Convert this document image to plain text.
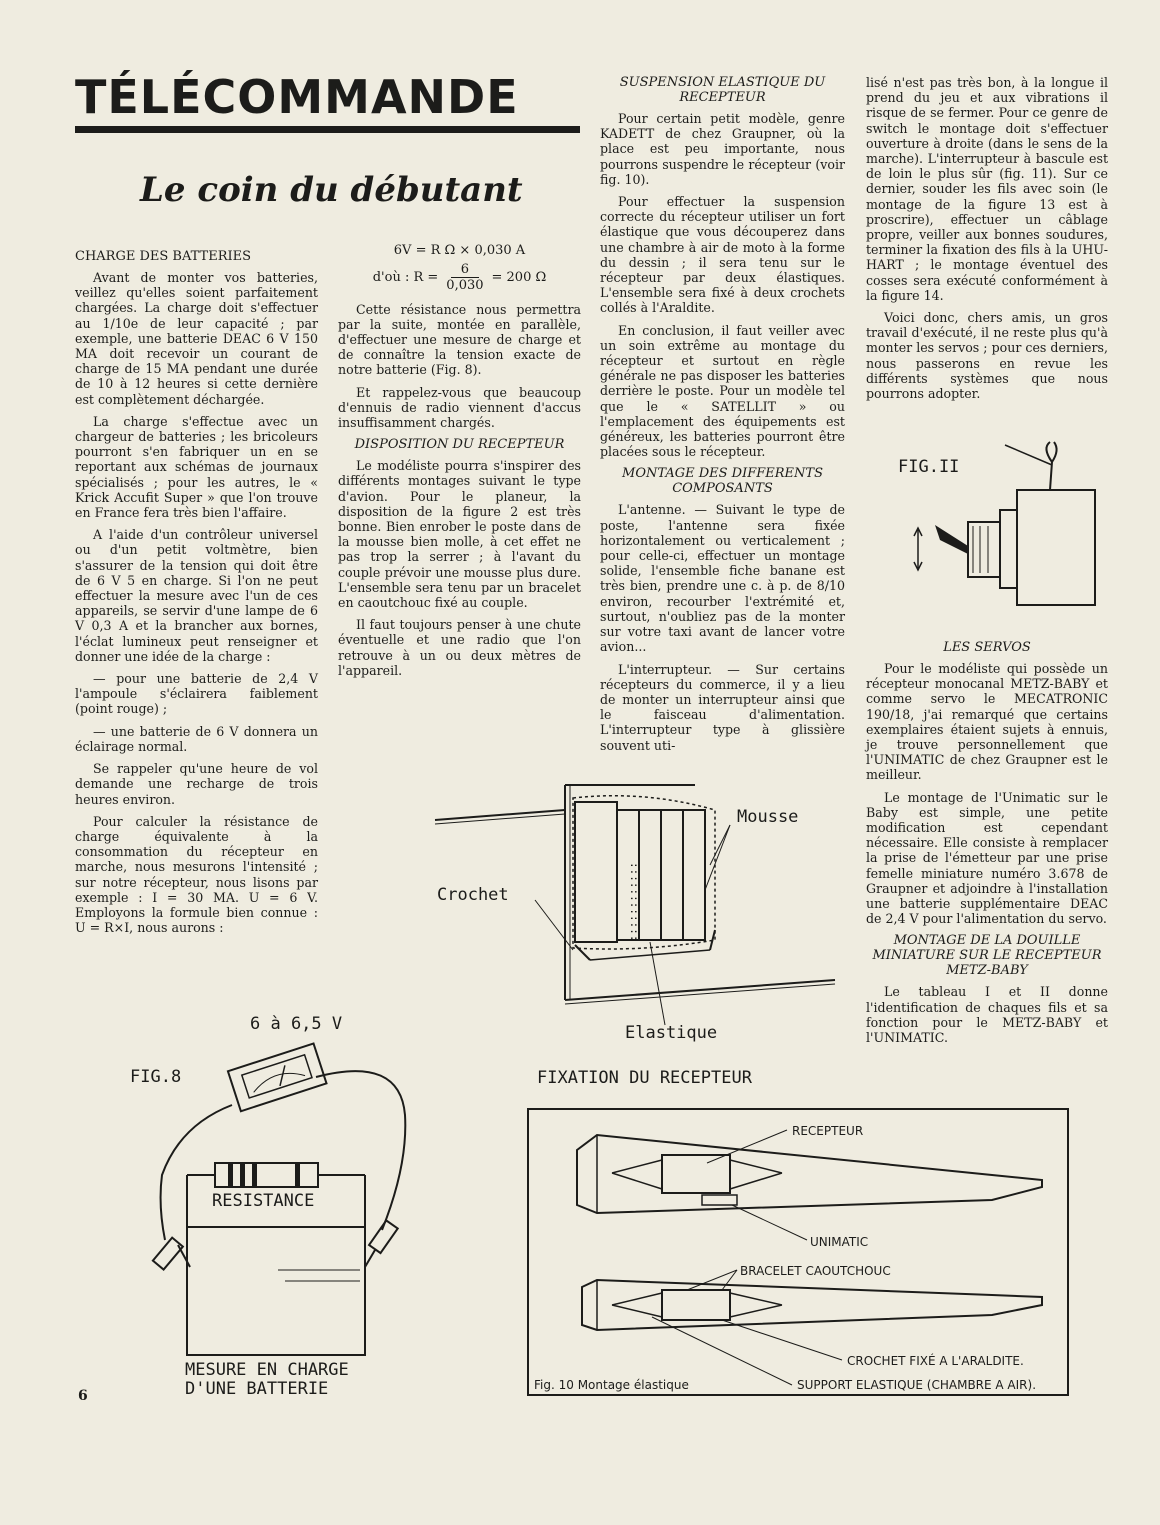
TÉLÉCOMMANDE
Le coin du débutant
CHARGE DES BATTERIES

Avant de monter vos batteries, veillez qu'elles soient parfaitement chargées. La charge doit s'effectuer au 1/10e de leur capacité ; par exemple, une batterie DEAC 6 V 150 MA doit recevoir un courant de charge de 15 MA pendant une durée de 10 à 12 heures si cette dernière est complètement déchargée.

La charge s'effectue avec un chargeur de batteries ; les bricoleurs pourront s'en fabriquer un en se reportant aux schémas de journaux spécialisés ; pour les autres, le « Krick Accufit Super » que l'on trouve en France fera très bien l'affaire.

A l'aide d'un contrôleur universel ou d'un petit voltmètre, bien s'assurer de la tension qui doit être de 6 V 5 en charge. Si l'on ne peut effectuer la mesure avec l'un de ces appareils, se servir d'une lampe de 6 V 0,3 A et la brancher aux bornes, l'éclat lumineux peut renseigner et donner une idée de la charge :

— pour une batterie de 2,4 V l'ampoule s'éclairera faiblement (point rouge) ;

— une batterie de 6 V donnera un éclairage normal.

Se rappeler qu'une heure de vol demande une recharge de trois heures environ.

Pour calculer la résistance de charge équivalente à la consommation du récepteur en marche, nous mesurons l'intensité ; sur notre récepteur, nous lisons par exemple : I = 30 MA. U = 6 V. Employons la formule bien connue : U = R×I, nous aurons :

6V = R Ω × 0,030 A
d'où : $R = \frac{6}{0,030} = 200$ Ω

Cette résistance nous permettra par la suite, montée en parallèle, d'effectuer une mesure de charge et de connaître la tension exacte de notre batterie (Fig. 8).

Et rappelez-vous que beaucoup d'ennuis de radio viennent d'accus insuffisamment chargés.

DISPOSITION DU RECEPTEUR

Le modéliste pourra s'inspirer des différents montages suivant le type d'avion. Pour le planeur, la disposition de la figure 2 est très bonne. Bien enrober le poste dans de la mousse bien molle, à cet effet ne pas trop la serrer ; à l'avant du couple prévoir une mousse plus dure. L'ensemble sera tenu par un bracelet en caoutchouc fixé au couple.

Il faut toujours penser à une chute éventuelle et une radio que l'on retrouve à un ou deux mètres de l'appareil.

SUSPENSION ELASTIQUE DU RECEPTEUR

Pour certain petit modèle, genre KADETT de chez Graupner, où la place est peu importante, nous pourrons suspendre le récepteur (voir fig. 10).

Pour effectuer la suspension correcte du récepteur utiliser un fort élastique que vous découperez dans une chambre à air de moto à la forme du dessin ; il sera tenu sur le récepteur par deux élastiques. L'ensemble sera fixé à deux crochets collés à l'Araldite.

En conclusion, il faut veiller avec un soin extrême au montage du récepteur et surtout en règle générale ne pas disposer les batteries derrière le poste. Pour un modèle tel que le « SATELLIT » ou l'emplacement des équipements est généreux, les batteries pourront être placées sous le récepteur.

MONTAGE DES DIFFERENTS COMPOSANTS

L'antenne. — Suivant le type de poste, l'antenne sera fixée horizontalement ou verticalement ; pour celle-ci, effectuer un montage solide, l'ensemble fiche banane est très bien, prendre une c. à p. de 8/10 environ, recourber l'extrémité et, surtout, n'oubliez pas de la monter sur votre taxi avant de lancer votre avion...

L'interrupteur. — Sur certains récepteurs du commerce, il y a lieu de monter un interrupteur ainsi que le faisceau d'alimentation. L'interrupteur type à glissière souvent uti-

lisé n'est pas très bon, à la longue il prend du jeu et aux vibrations il risque de se fermer. Pour ce genre de switch le montage doit s'effectuer ouverture à droite (dans le sens de la marche). L'interrupteur à bascule est de loin le plus sûr (fig. 11). Sur ce dernier, souder les fils avec soin (le montage de la figure 13 est à proscrire), effectuer un câblage propre, veiller aux bonnes soudures, terminer la fixation des fils à la UHU-HART ; le montage éventuel des cosses sera exécuté conformément à la figure 14.

Voici donc, chers amis, un gros travail d'exécuté, il ne reste plus qu'à monter les servos ; pour ces derniers, nous passerons en revue les différents systèmes que nous pourrons adopter.

LES SERVOS

Pour le modéliste qui possède un récepteur monocanal METZ-BABY et comme servo le MECATRONIC 190/18, j'ai remarqué que certains exemplaires étaient sujets à ennuis, je trouve personnellement que l'UNIMATIC de chez Graupner est le meilleur.

Le montage de l'Unimatic sur le Baby est simple, une petite modification est cependant nécessaire. Elle consiste à remplacer la prise de l'émetteur par une prise femelle miniature numéro 3.678 de Graupner et adjoindre à l'installation une batterie supplémentaire DEAC de 2,4 V pour l'alimentation du servo.

MONTAGE DE LA DOUILLE MINIATURE SUR LE RECEPTEUR METZ-BABY

Le tableau I et II donne l'identification de chaques fils et sa fonction pour le METZ-BABY et l'UNIMATIC.

FIG.II
::::::::::::
Mousse
Crochet
Elastique
FIXATION DU RECEPTEUR
6 à 6,5 V
FIG.8
RESISTANCE
MESURE EN CHARGE
D'UNE BATTERIE
RECEPTEUR
UNIMATIC
BRACELET CAOUTCHOUC
CROCHET FIXÉ A L'ARALDITE.
SUPPORT ELASTIQUE (CHAMBRE A AIR).
Fig. 10 Montage élastique
6
